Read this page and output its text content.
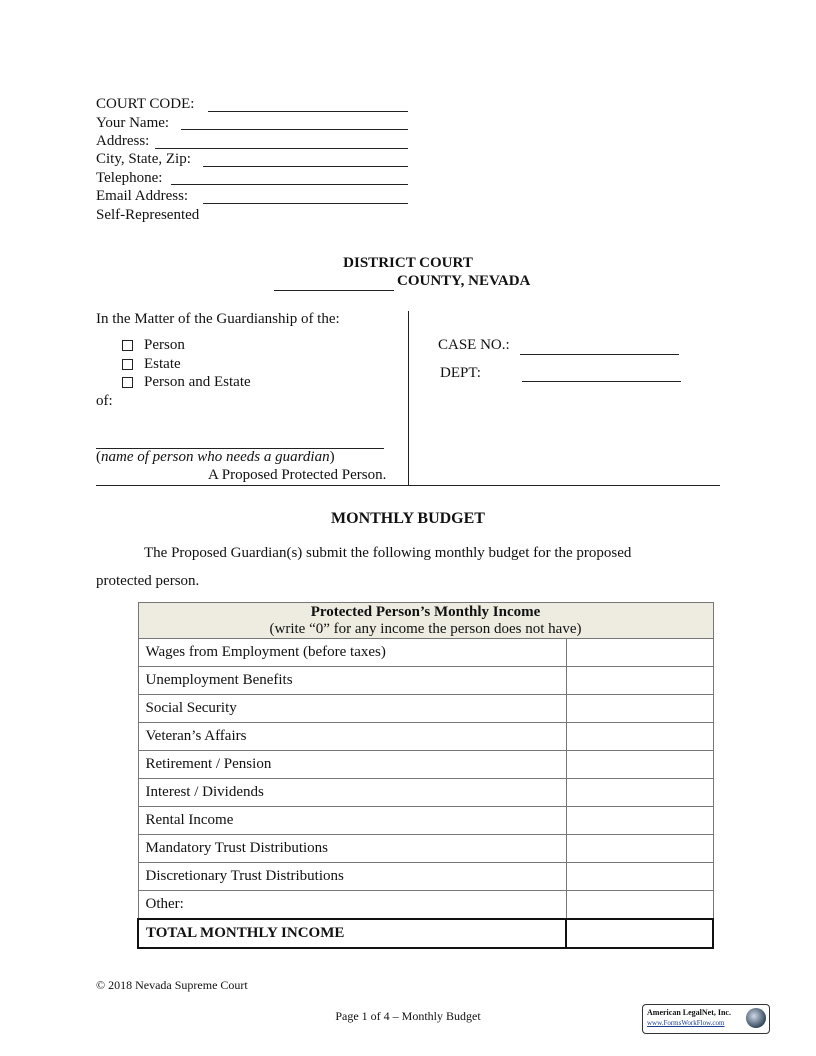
COURT CODE:
Your Name:
Address:
City, State, Zip:
Telephone:
Email Address:
Self-Represented
DISTRICT COURT
COUNTY, NEVADA
In the Matter of the Guardianship of the:
Person
Estate
Person and Estate
of:
(name of person who needs a guardian)
A Proposed Protected Person.
CASE NO.:
DEPT:
MONTHLY BUDGET
The Proposed Guardian(s) submit the following monthly budget for the proposed
protected person.
Protected Person’s Monthly Income
(write “0” for any income the person does not have)	

Wages from Employment (before taxes)	
Unemployment Benefits	
Social Security	
Veteran’s Affairs	
Retirement / Pension	
Interest / Dividends	
Rental Income	
Mandatory Trust Distributions	
Discretionary Trust Distributions	
Other:	
TOTAL MONTHLY INCOME	
© 2018 Nevada Supreme Court
Page 1 of 4 – Monthly Budget	American LegalNet, Inc.
www.FormsWorkFlow.com
